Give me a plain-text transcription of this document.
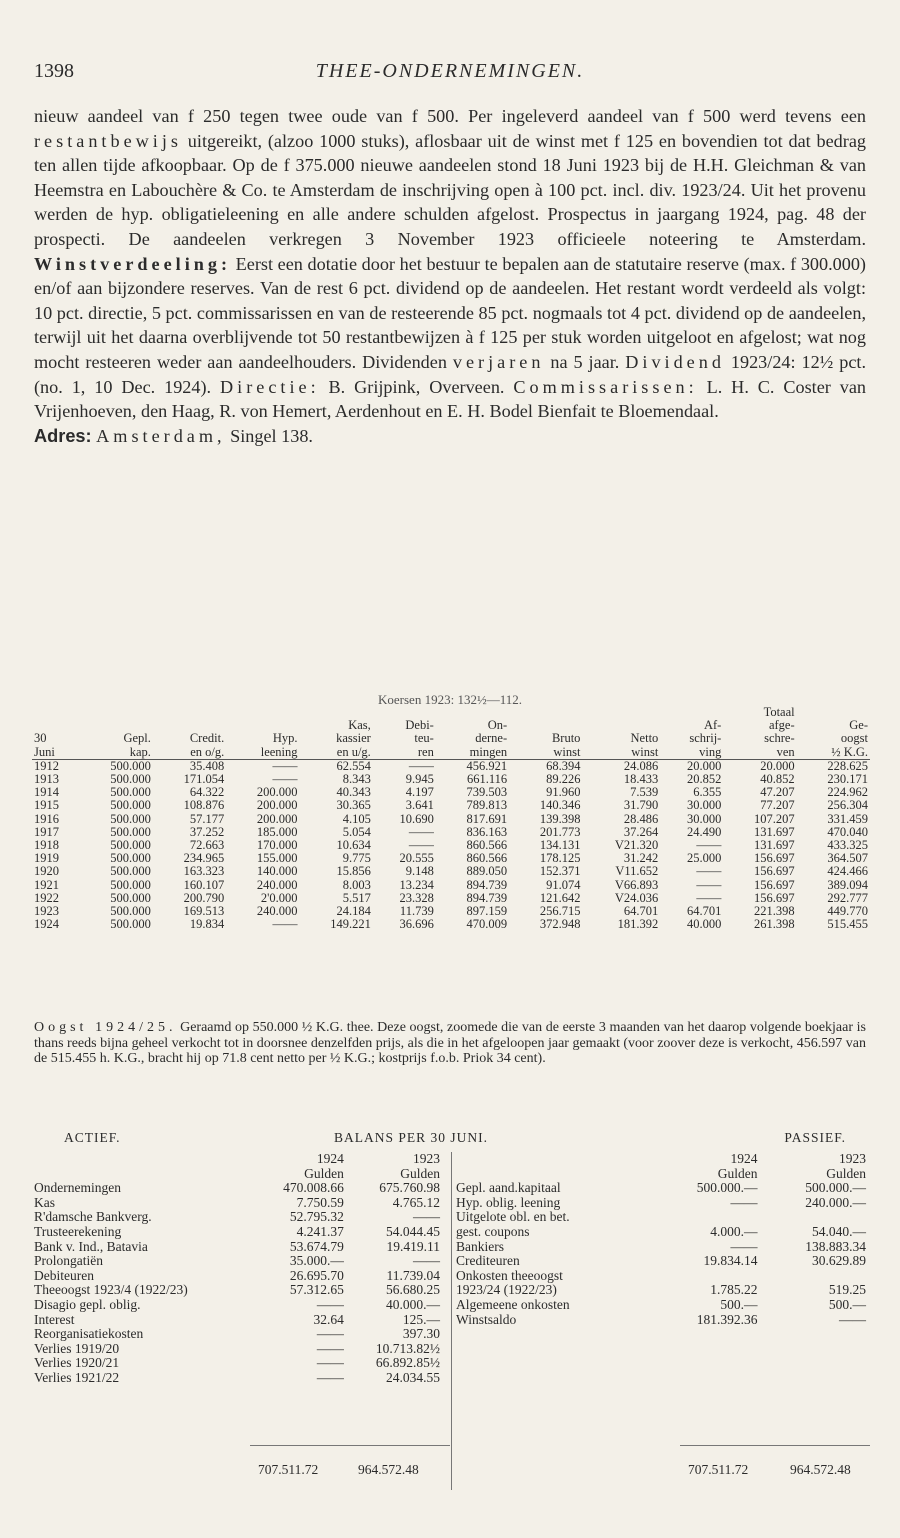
1398	THEE-ONDERNEMINGEN.

nieuw aandeel van f 250 tegen twee oude van f 500. Per ingeleverd aandeel van f 500 werd tevens een restantbewijs uitgereikt, (alzoo 1000 stuks), aflosbaar uit de winst met f 125 en bovendien tot dat bedrag ten allen tijde afkoopbaar. Op de f 375.000 nieuwe aandeelen stond 18 Juni 1923 bij de H.H. Gleichman & van Heemstra en Labouchère & Co. te Amsterdam de inschrijving open à 100 pct. incl. div. 1923/24. Uit het provenu werden de hyp. obligatieleening en alle andere schulden afgelost. Prospectus in jaargang 1924, pag. 48 der prospecti. De aandeelen verkregen 3 November 1923 officieele noteering te Amsterdam. Winstverdeeling: Eerst een dotatie door het bestuur te bepalen aan de statutaire reserve (max. f 300.000) en/of aan bijzondere reserves. Van de rest 6 pct. dividend op de aandeelen. Het restant wordt verdeeld als volgt: 10 pct. directie, 5 pct. commissarissen en van de resteerende 85 pct. nogmaals tot 4 pct. dividend op de aandeelen, terwijl uit het daarna overblijvende tot 50 restantbewijzen à f 125 per stuk worden uitgeloot en afgelost; wat nog mocht resteeren weder aan aandeelhouders. Dividenden verjaren na 5 jaar. Dividend 1923/24: 12½ pct. (no. 1, 10 Dec. 1924). Directie: B. Grijpink, Overveen. Commissarissen: L. H. C. Coster van Vrijenhoeven, den Haag, R. von Hemert, Aerdenhout en E. H. Bodel Bienfait te Bloemendaal.

Adres: Amsterdam, Singel 138.

Koersen 1923: 132½—112.
										Totaal	
				Kas,	Debi-	On-			Af-	afge-	Ge-
30	Gepl.	Credit.	Hyp.	kassier	teu-	derne-	Bruto	Netto	schrij-	schre-	oogst
Juni	kap.	en o/g.	leening	en u/g.	ren	mingen	winst	winst	ving	ven	½ K.G.
1912	500.000	35.408	——	62.554	——	456.921	68.394	24.086	20.000	20.000	228.625
1913	500.000	171.054	——	8.343	9.945	661.116	89.226	18.433	20.852	40.852	230.171
1914	500.000	64.322	200.000	40.343	4.197	739.503	91.960	7.539	6.355	47.207	224.962
1915	500.000	108.876	200.000	30.365	3.641	789.813	140.346	31.790	30.000	77.207	256.304
1916	500.000	57.177	200.000	4.105	10.690	817.691	139.398	28.486	30.000	107.207	331.459
1917	500.000	37.252	185.000	5.054	——	836.163	201.773	37.264	24.490	131.697	470.040
1918	500.000	72.663	170.000	10.634	——	860.566	134.131	V21.320	——	131.697	433.325
1919	500.000	234.965	155.000	9.775	20.555	860.566	178.125	31.242	25.000	156.697	364.507
1920	500.000	163.323	140.000	15.856	9.148	889.050	152.371	V11.652	——	156.697	424.466
1921	500.000	160.107	240.000	8.003	13.234	894.739	91.074	V66.893	——	156.697	389.094
1922	500.000	200.790	2'0.000	5.517	23.328	894.739	121.642	V24.036	——	156.697	292.777
1923	500.000	169.513	240.000	24.184	11.739	897.159	256.715	64.701	64.701	221.398	449.770
1924	500.000	19.834	——	149.221	36.696	470.009	372.948	181.392	40.000	261.398	515.455
Oogst 1924/25. Geraamd op 550.000 ½ K.G. thee. Deze oogst, zoomede die van de eerste 3 maanden van het daarop volgende boekjaar is thans reeds bijna geheel verkocht tot in doorsnee denzelfden prijs, als die in het afgeloopen jaar gemaakt (voor zoover deze is verkocht, 456.597 van de 515.455 h. K.G., bracht hij op 71.8 cent netto per ½ K.G.; kostprijs f.o.b. Priok 34 cent).
ACTIEF.	BALANS PER 30 JUNI.	PASSIEF.
	1924	1923
	Gulden	Gulden
Ondernemingen	470.008.66	675.760.98
Kas	7.750.59	4.765.12
R'damsche Bankverg.	52.795.32	——
Trusteerekening	4.241.37	54.044.45
Bank v. Ind., Batavia	53.674.79	19.419.11
Prolongatiën	35.000.—	——
Debiteuren	26.695.70	11.739.04
Theeoogst 1923/4 (1922/23)	57.312.65	56.680.25
Disagio gepl. oblig.	——	40.000.—
Interest	32.64	125.—
Reorganisatiekosten	——	397.30
Verlies 1919/20	——	10.713.82½
Verlies 1920/21	——	66.892.85½
Verlies 1921/22	——	24.034.55
	1924	1923
	Gulden	Gulden
Gepl. aand.kapitaal	500.000.—	500.000.—
Hyp. oblig. leening	——	240.000.—
Uitgelote obl. en bet.		
gest. coupons	4.000.—	54.040.—
Bankiers	——	138.883.34
Crediteuren	19.834.14	30.629.89
Onkosten theeoogst		
1923/24 (1922/23)	1.785.22	519.25
Algemeene onkosten	500.—	500.—
Winstsaldo	181.392.36	——
707.511.72	964.572.48	707.511.72	964.572.48
